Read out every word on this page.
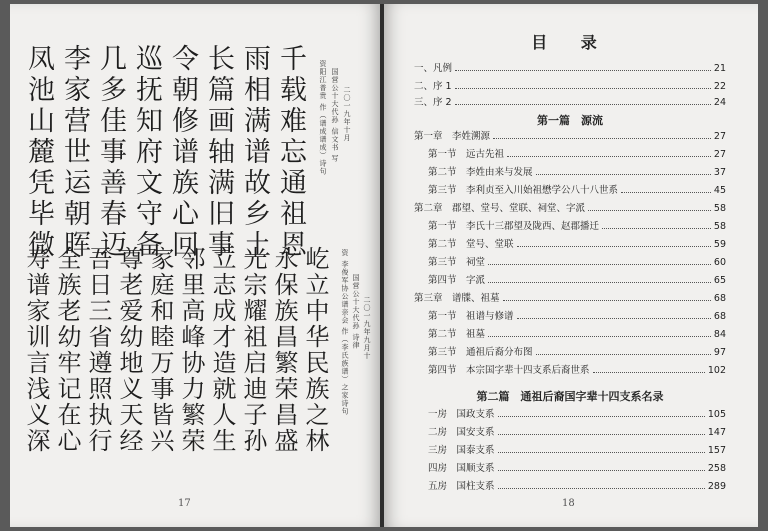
凤池山麓凭毕微 李家营世运朝晖 几多佳事善春迈 巡抚知府文守备 令朝修谱族心回 长篇画轴满旧事 雨相满谱故乡土 千载难忘通祖恩	资阳江普贵 作（谱成谱成）诗句 国营公十大代孙 信文书 写 二〇一九年十月
寿谱家训言浅义深 全族老幼牢记在心 吾日三省遵照执行 尊老爱幼地义天经 家庭和睦万事皆兴 邻里高峰协力繁荣 立志成才造就人生 光宗耀祖启迪子孙 永保族昌繁荣昌盛 屹立中华民族之林	资 李俊军协公谱亲会 作（李氏族谱）之家诗句 国营公十大代孙 诗律 二〇一九年九月十
17
目 录
一、凡例	21
二、序 1	22
三、序 2	24
第一篇　源流
第一章　李姓溯源	27
第一节　远古先祖	27
第二节　李姓由来与发展	37
第三节　李利贞至入川始祖懋学公八十八世系	45
第二章　郡望、堂号、堂联、祠堂、字派	58
第一节　李氏十三郡望及陇西、赵郡播迁	58
第二节　堂号、堂联	59
第三节　祠堂	60
第四节　字派	65
第三章　谱牒、祖墓	68
第一节　祖谱与修谱	68
第二节　祖墓	84
第三节　通祖后裔分布图	97
第四节　本宗国字辈十四支系后裔世系	102
第二篇　通祖后裔国字辈十四支系名录
一房　国政支系	105
二房　国安支系	147
三房　国泰支系	157
四房　国顺支系	258
五房　国柱支系	289
18
